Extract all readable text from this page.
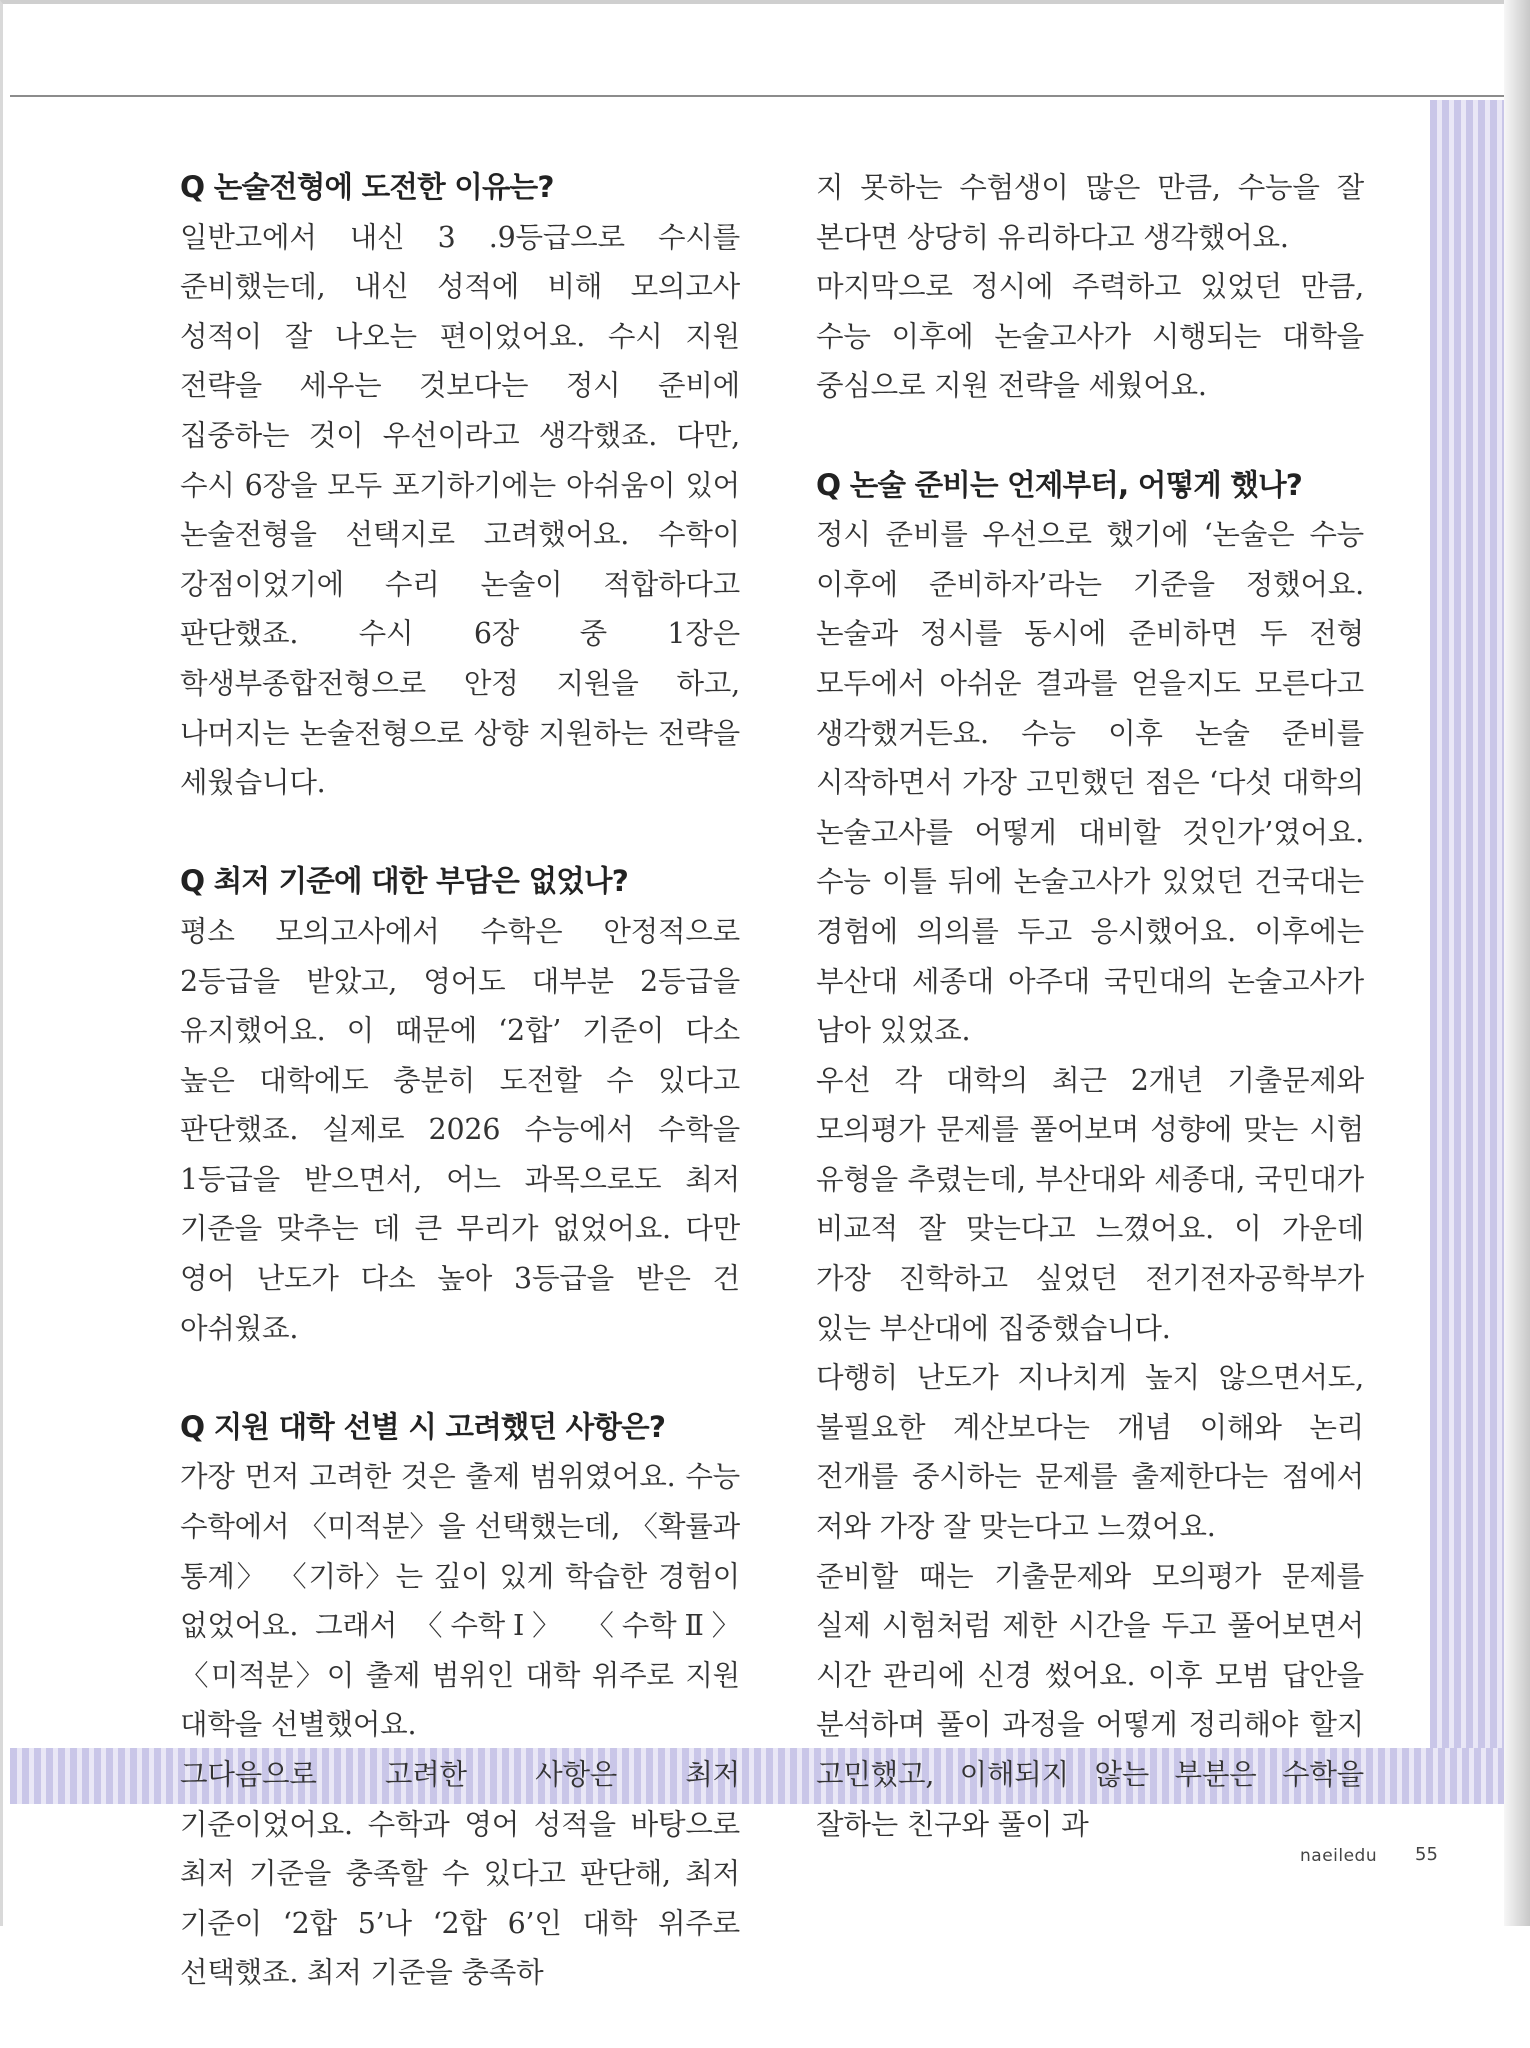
Q 논술전형에 도전한 이유는?

일반고에서 내신 3 .9등급으로 수시를 준비했는데, 내신 성적에 비해 모의고사 성적이 잘 나오는 편이었어요. 수시 지원 전략을 세우는 것보다는 정시 준비에 집중하는 것이 우선이라고 생각했죠. 다만, 수시 6장을 모두 포기하기에는 아쉬움이 있어 논술전형을 선택지로 고려했어요. 수학이 강점이었기에 수리 논술이 적합하다고 판단했죠. 수시 6장 중 1장은 학생부종합전형으로 안정 지원을 하고, 나머지는 논술전형으로 상향 지원하는 전략을 세웠습니다.

Q 최저 기준에 대한 부담은 없었나?

평소 모의고사에서 수학은 안정적으로 2등급을 받았고, 영어도 대부분 2등급을 유지했어요. 이 때문에 ‘2합’ 기준이 다소 높은 대학에도 충분히 도전할 수 있다고 판단했죠. 실제로 2026 수능에서 수학을 1등급을 받으면서, 어느 과목으로도 최저 기준을 맞추는 데 큰 무리가 없었어요. 다만 영어 난도가 다소 높아 3등급을 받은 건 아쉬웠죠.

Q 지원 대학 선별 시 고려했던 사항은?

가장 먼저 고려한 것은 출제 범위였어요. 수능 수학에서 〈미적분〉을 선택했는데, 〈확률과 통계〉 〈기하〉는 깊이 있게 학습한 경험이 없었어요. 그래서 〈수학Ⅰ〉 〈수학Ⅱ〉 〈미적분〉이 출제 범위인 대학 위주로 지원 대학을 선별했어요.

그다음으로 고려한 사항은 최저 기준이었어요. 수학과 영어 성적을 바탕으로 최저 기준을 충족할 수 있다고 판단해, 최저 기준이 ‘2합 5’나 ‘2합 6’인 대학 위주로 선택했죠. 최저 기준을 충족하

지 못하는 수험생이 많은 만큼, 수능을 잘 본다면 상당히 유리하다고 생각했어요.

마지막으로 정시에 주력하고 있었던 만큼, 수능 이후에 논술고사가 시행되는 대학을 중심으로 지원 전략을 세웠어요.

Q 논술 준비는 언제부터, 어떻게 했나?

정시 준비를 우선으로 했기에 ‘논술은 수능 이후에 준비하자’라는 기준을 정했어요. 논술과 정시를 동시에 준비하면 두 전형 모두에서 아쉬운 결과를 얻을지도 모른다고 생각했거든요. 수능 이후 논술 준비를 시작하면서 가장 고민했던 점은 ‘다섯 대학의 논술고사를 어떻게 대비할 것인가’였어요. 수능 이틀 뒤에 논술고사가 있었던 건국대는 경험에 의의를 두고 응시했어요. 이후에는 부산대 세종대 아주대 국민대의 논술고사가 남아 있었죠.

우선 각 대학의 최근 2개년 기출문제와 모의평가 문제를 풀어보며 성향에 맞는 시험 유형을 추렸는데, 부산대와 세종대, 국민대가 비교적 잘 맞는다고 느꼈어요. 이 가운데 가장 진학하고 싶었던 전기전자공학부가 있는 부산대에 집중했습니다.

다행히 난도가 지나치게 높지 않으면서도, 불필요한 계산보다는 개념 이해와 논리 전개를 중시하는 문제를 출제한다는 점에서 저와 가장 잘 맞는다고 느꼈어요.

준비할 때는 기출문제와 모의평가 문제를 실제 시험처럼 제한 시간을 두고 풀어보면서 시간 관리에 신경 썼어요. 이후 모범 답안을 분석하며 풀이 과정을 어떻게 정리해야 할지 고민했고, 이해되지 않는 부분은 수학을 잘하는 친구와 풀이 과

naeiledu 55
